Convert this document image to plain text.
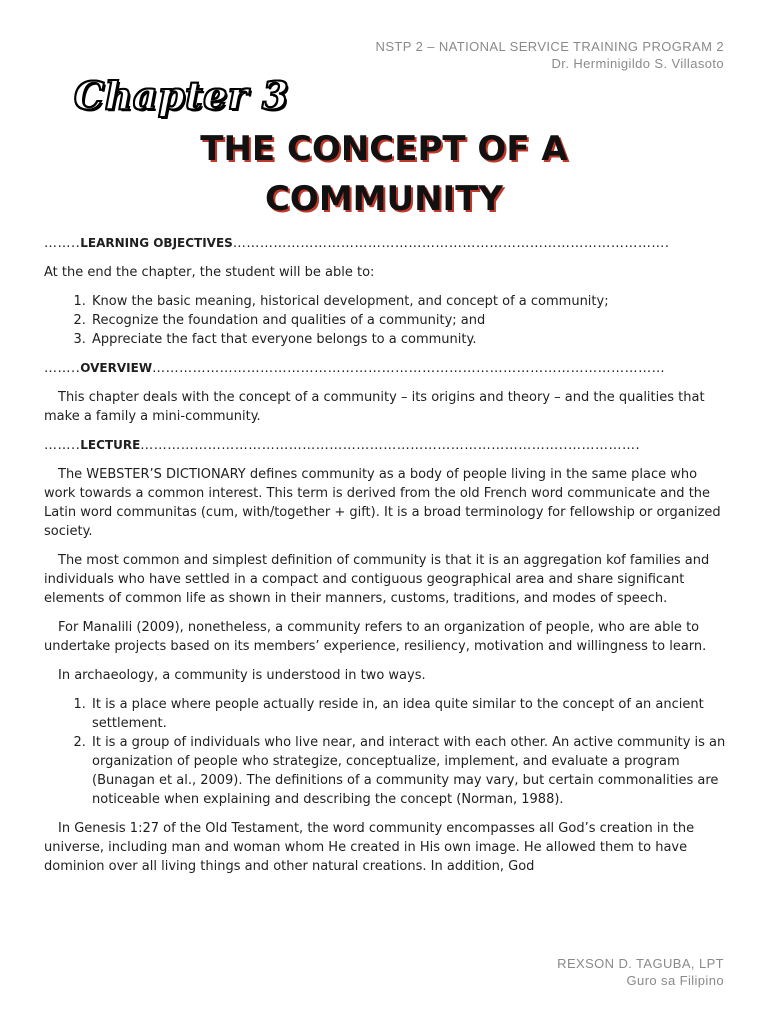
NSTP 2 – NATIONAL SERVICE TRAINING PROGRAM 2
Dr. Herminigildo S. Villasoto
Chapter 3
THE CONCEPT OF A
COMMUNITY
……..LEARNING OBJECTIVES…………………………………………………………………………………….

At the end the chapter, the student will be able to:

1. Know the basic meaning, historical development, and concept of a community;
2. Recognize the foundation and qualities of a community; and
3. Appreciate the fact that everyone belongs to a community.
……..OVERVIEW……………………………………………………………………………………………………

This chapter deals with the concept of a community – its origins and theory – and the qualities that make a family a mini-community.

……..LECTURE…………………………………………………………………………………..…………….

The WEBSTER’S DICTIONARY defines community as a body of people living in the same place who work towards a common interest. This term is derived from the old French word communicate and the Latin word communitas (cum, with/together + gift). It is a broad terminology for fellowship or organized society.

The most common and simplest definition of community is that it is an aggregation kof families and individuals who have settled in a compact and contiguous geographical area and share significant elements of common life as shown in their manners, customs, traditions, and modes of speech.

For Manalili (2009), nonetheless, a community refers to an organization of people, who are able to undertake projects based on its members’ experience, resiliency, motivation and willingness to learn.

In archaeology, a community is understood in two ways.

1. It is a place where people actually reside in, an idea quite similar to the concept of an ancient settlement.
2. It is a group of individuals who live near, and interact with each other. An active community is an organization of people who strategize, conceptualize, implement, and evaluate a program (Bunagan et al., 2009). The definitions of a community may vary, but certain commonalities are noticeable when explaining and describing the concept (Norman, 1988).

In Genesis 1:27 of the Old Testament, the word community encompasses all God’s creation in the universe, including man and woman whom He created in His own image. He allowed them to have dominion over all living things and other natural creations. In addition, God

REXSON D. TAGUBA, LPT
Guro sa Filipino
